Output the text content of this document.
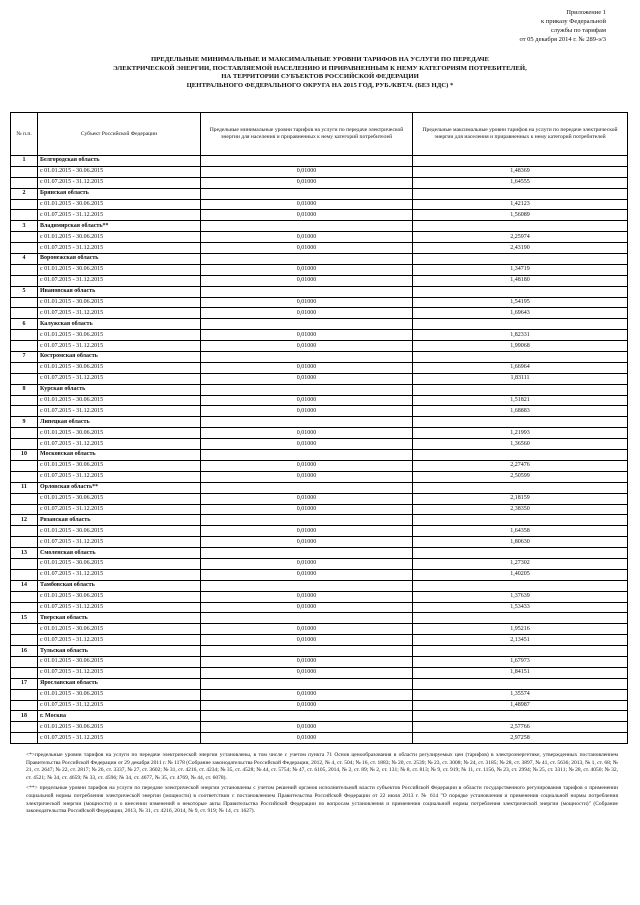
Приложение 1
к приказу Федеральной
службы по тарифам
от 05 декабря 2014 г. № 289-э/3
ПРЕДЕЛЬНЫЕ МИНИМАЛЬНЫЕ И МАКСИМАЛЬНЫЕ УРОВНИ ТАРИФОВ НА УСЛУГИ ПО ПЕРЕДАЧЕ
ЭЛЕКТРИЧЕСКОЙ ЭНЕРГИИ, ПОСТАВЛЯЕМОЙ НАСЕЛЕНИЮ И ПРИРАВНЕННЫМ К НЕМУ КАТЕГОРИЯМ ПОТРЕБИТЕЛЕЙ,
НА ТЕРРИТОРИИ СУБЪЕКТОВ РОССИЙСКОЙ ФЕДЕРАЦИИ
ЦЕНТРАЛЬНОГО ФЕДЕРАЛЬНОГО ОКРУГА НА 2015 ГОД, РУБ./КВТ.Ч. (БЕЗ НДС) *
№ п.п.	Субъект Российской Федерации	Предельные минимальные уровни тарифов на услуги по передаче электрической энергии для населения и приравненных к нему категорий потребителей	Предельные максимальные уровни тарифов на услуги по передаче электрической энергии для населения и приравненных к нему категорий потребителей
1	Белгородская область		
	с 01.01.2015 - 30.06.2015	0,01000	1,48369
	с 01.07.2015 - 31.12.2015	0,01000	1,64555
2	Брянская область		
	с 01.01.2015 - 30.06.2015	0,01000	1,42123
	с 01.07.2015 - 31.12.2015	0,01000	1,56089
3	Владимирская область**		
	с 01.01.2015 - 30.06.2015	0,01000	2,25974
	с 01.07.2015 - 31.12.2015	0,01000	2,43190
4	Воронежская область		
	с 01.01.2015 - 30.06.2015	0,01000	1,34719
	с 01.07.2015 - 31.12.2015	0,01000	1,48180
5	Ивановская область		
	с 01.01.2015 - 30.06.2015	0,01000	1,54195
	с 01.07.2015 - 31.12.2015	0,01000	1,69643
6	Калужская область		
	с 01.01.2015 - 30.06.2015	0,01000	1,82331
	с 01.07.2015 - 31.12.2015	0,01000	1,99068
7	Костромская область		
	с 01.01.2015 - 30.06.2015	0,01000	1,66964
	с 01.07.2015 - 31.12.2015	0,01000	1,83111
8	Курская область		
	с 01.01.2015 - 30.06.2015	0,01000	1,51821
	с 01.07.2015 - 31.12.2015	0,01000	1,68883
9	Липецкая область		
	с 01.01.2015 - 30.06.2015	0,01000	1,21993
	с 01.07.2015 - 31.12.2015	0,01000	1,36560
10	Московская область		
	с 01.01.2015 - 30.06.2015	0,01000	2,27476
	с 01.07.2015 - 31.12.2015	0,01000	2,50599
11	Орловская область**		
	с 01.01.2015 - 30.06.2015	0,01000	2,18159
	с 01.07.2015 - 31.12.2015	0,01000	2,38350
12	Рязанская область		
	с 01.01.2015 - 30.06.2015	0,01000	1,64358
	с 01.07.2015 - 31.12.2015	0,01000	1,80630
13	Смоленская область		
	с 01.01.2015 - 30.06.2015	0,01000	1,27302
	с 01.07.2015 - 31.12.2015	0,01000	1,40205
14	Тамбовская область		
	с 01.01.2015 - 30.06.2015	0,01000	1,37639
	с 01.07.2015 - 31.12.2015	0,01000	1,53433
15	Тверская область		
	с 01.01.2015 - 30.06.2015	0,01000	1,95216
	с 01.07.2015 - 31.12.2015	0,01000	2,13451
16	Тульская область		
	с 01.01.2015 - 30.06.2015	0,01000	1,67973
	с 01.07.2015 - 31.12.2015	0,01000	1,84151
17	Ярославская область		
	с 01.01.2015 - 30.06.2015	0,01000	1,35574
	с 01.07.2015 - 31.12.2015	0,01000	1,48987
18	г. Москва		
	с 01.01.2015 - 30.06.2015	0,01000	2,57766
	с 01.07.2015 - 31.12.2015	0,01000	2,97258

<*>предельные уровни тарифов на услуги по передаче электрической энергии установлены, в том числе с учетом пункта 71 Основ ценообразования в области регулируемых цен (тарифов) в электроэнергетике, утвержденных постановлением Правительства Российской Федерации от 29 декабря 2011 г. № 1178 (Собрание законодательства Российской Федерации, 2012, № 4, ст. 504; № 16, ст. 1883; № 20, ст. 2539; № 23, ст. 3008; № 24, ст. 3185; № 28, ст. 3897, № 41, ст. 5636; 2013, № 1, ст. 68; № 21, ст. 2647; № 22, ст. 2817; № 26, ст. 3337, № 27, ст. 3602; № 31, ст. 4216, ст. 4234; № 35, ст. 4528; № 44, ст. 5754; № 47, ст. 6105, 2014, № 2, ст. 89; № 2, ст. 131; № 8, ст. 813; № 9, ст. 919; № 11, ст. 1156, № 23, ст. 2994; № 25, ст. 3311; № 28, ст. 4050; № 32, ст. 4521; № 34, ст. 4659; № 33, ст. 4596; № 34, ст. 4677, № 35, ст. 4769, № 44, ст. 6078).

<**> предельные уровни тарифов на услуги по передаче электрической энергии установлены с учетом решений органов исполнительной власти субъектов Российской Федерации в области государственного регулирования тарифов о применении социальной нормы потребления электрической энергии (мощности) в соответствии с постановлением Правительства Российской Федерации от 22 июля 2013 г. № 614 "О порядке установления и применения социальной нормы потребления электрической энергии (мощности) и о внесении изменений в некоторые акты Правительства Российской Федерации по вопросам установления и применения социальной нормы потребления электрической энергии (мощности)" (Собрание законодательства Российской Федерации, 2013, № 31, ст. 4216, 2014, № 9, ст. 919; № 14, ст. 1627).
